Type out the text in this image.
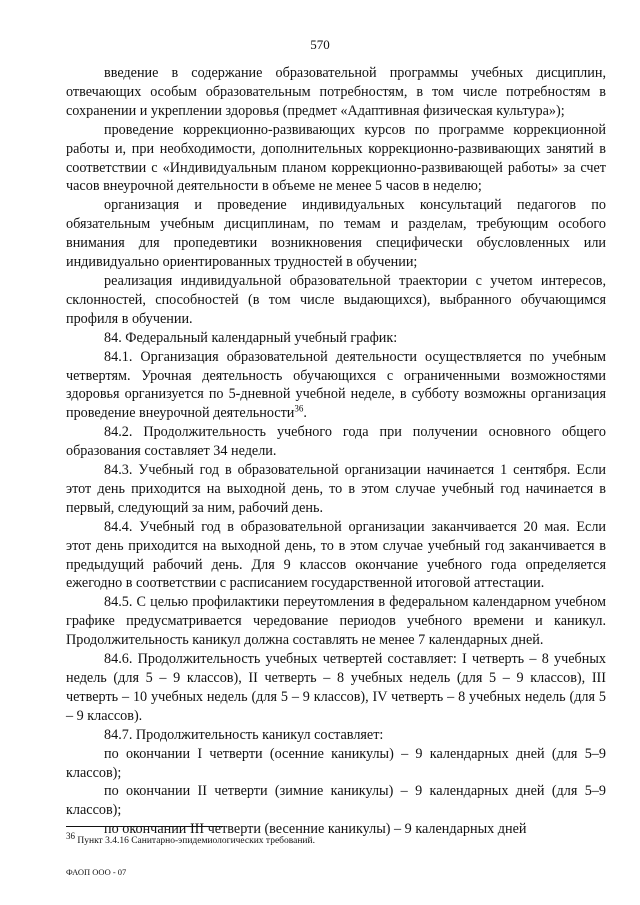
570

введение в содержание образовательной программы учебных дисциплин, отвечающих особым образовательным потребностям, в том числе потребностям в сохранении и укреплении здоровья (предмет «Адаптивная физическая культура»);

проведение коррекционно-развивающих курсов по программе коррекционной работы и, при необходимости, дополнительных коррекционно-развивающих занятий в соответствии с «Индивидуальным планом коррекционно-развивающей работы» за счет часов внеурочной деятельности в объеме не менее 5 часов в неделю;

организация и проведение индивидуальных консультаций педагогов по обязательным учебным дисциплинам, по темам и разделам, требующим особого внимания для пропедевтики возникновения специфически обусловленных или индивидуально ориентированных трудностей в обучении;

реализация индивидуальной образовательной траектории с учетом интересов, склонностей, способностей (в том числе выдающихся), выбранного обучающимся профиля в обучении.

84. Федеральный календарный учебный график:

84.1. Организация образовательной деятельности осуществляется по учебным четвертям. Урочная деятельность обучающихся с ограниченными возможностями здоровья организуется по 5-дневной учебной неделе, в субботу возможны организация проведение внеурочной деятельности$^{36}$.

84.2. Продолжительность учебного года при получении основного общего образования составляет 34 недели.

84.3. Учебный год в образовательной организации начинается 1 сентября. Если этот день приходится на выходной день, то в этом случае учебный год начинается в первый, следующий за ним, рабочий день.

84.4. Учебный год в образовательной организации заканчивается 20 мая. Если этот день приходится на выходной день, то в этом случае учебный год заканчивается в предыдущий рабочий день. Для 9 классов окончание учебного года определяется ежегодно в соответствии с расписанием государственной итоговой аттестации.

84.5. С целью профилактики переутомления в федеральном календарном учебном графике предусматривается чередование периодов учебного времени и каникул. Продолжительность каникул должна составлять не менее 7 календарных дней.

84.6. Продолжительность учебных четвертей составляет: I четверть – 8 учебных недель (для 5 – 9 классов), II четверть – 8 учебных недель (для 5 – 9 классов), III четверть – 10 учебных недель (для 5 – 9 классов), IV четверть – 8 учебных недель (для 5 – 9 классов).

84.7. Продолжительность каникул составляет:

по окончании I четверти (осенние каникулы) – 9 календарных дней (для 5–9 классов);

по окончании II четверти (зимние каникулы) – 9 календарных дней (для 5–9 классов);

по окончании III четверти (весенние каникулы) – 9 календарных дней

$^{36}$ Пункт 3.4.16 Санитарно-эпидемиологических требований.
ФАОП ООО - 07
